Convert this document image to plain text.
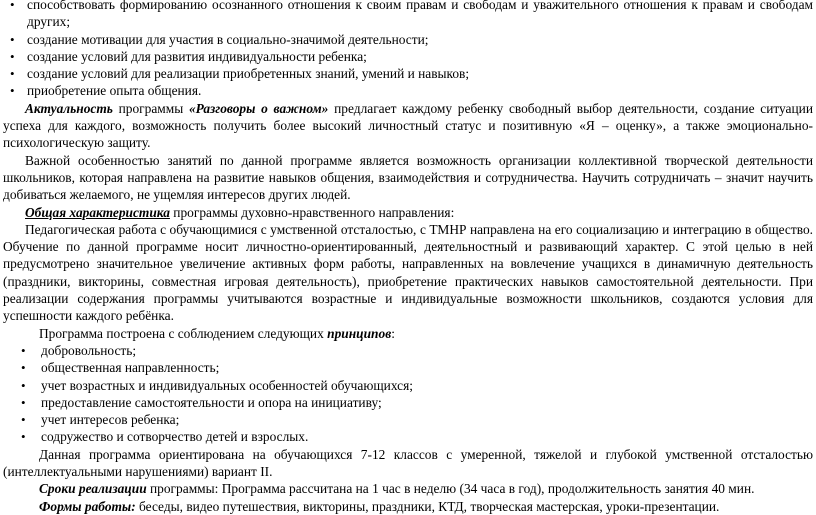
• способствовать формированию осознанного отношения к своим правам и свободам и уважительного отношения к правам и свободам других;
• создание мотивации для участия в социально-значимой деятельности;
• создание условий для развития индивидуальности ребенка;
• создание условий для реализации приобретенных знаний, умений и навыков;
• приобретение опыта общения.

Актуальность программы «Разговоры о важном» предлагает каждому ребенку свободный выбор деятельности, создание ситуации успеха для каждого, возможность получить более высокий личностный статус и позитивную «Я – оценку», а также эмоционально-психологическую защиту.

Важной особенностью занятий по данной программе является возможность организации коллективной творческой деятельности школьников, которая направлена на развитие навыков общения, взаимодействия и сотрудничества. Научить сотрудничать – значит научить добиваться желаемого, не ущемляя интересов других людей.

Общая характеристика программы духовно-нравственного направления:

Педагогическая работа с обучающимися с умственной отсталостью, с ТМНР направлена на его социализацию и интеграцию в общество. Обучение по данной программе носит личностно-ориентированный, деятельностный и развивающий характер. С этой целью в ней предусмотрено значительное увеличение активных форм работы, направленных на вовлечение учащихся в динамичную деятельность (праздники, викторины, совместная игровая деятельность), приобретение практических навыков самостоятельной деятельности. При реализации содержания программы учитываются возрастные и индивидуальные возможности школьников, создаются условия для успешности каждого ребёнка.

Программа построена с соблюдением следующих принципов:

• добровольность;
• общественная направленность;
• учет возрастных и индивидуальных особенностей обучающихся;
• предоставление самостоятельности и опора на инициативу;
• учет интересов ребенка;
• содружество и сотворчество детей и взрослых.

Данная программа ориентирована на обучающихся 7-12 классов с умеренной, тяжелой и глубокой умственной отсталостью (интеллектуальными нарушениями) вариант II.

Сроки реализации программы: Программа рассчитана на 1 час в неделю (34 часа в год), продолжительность занятия 40 мин.

Формы работы: беседы, видео путешествия, викторины, праздники, КТД, творческая мастерская, уроки-презентации.
